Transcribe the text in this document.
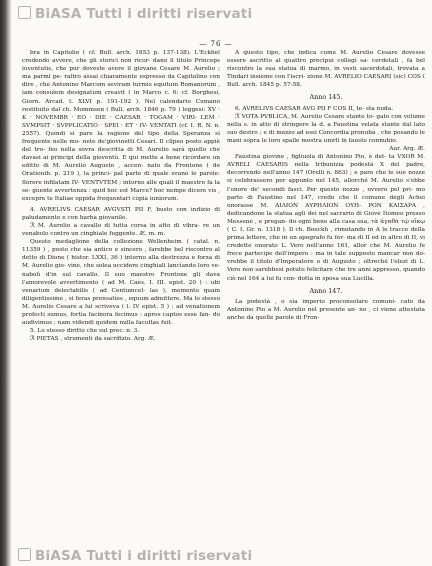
BiASA Tutti i diritti riservati
— 76 —

bra in Capitolio ( cf. Bull. arch. 1853 p. 137-138). L'Eckhel credendo avvere, che gli storici non ricor- dano il titolo Princeps iuventutis, che pur doveste avere il giovane Cesare M. Aurelio ; ma parmi pe- raltro assai chiaramente espresso da Capitolino con dire , che Antonino Marcum seviram turmis equitum Romanorum , iam consulem designatum creavit ( in Marco c. 6: cf. Borghesi, Giorn. Arcad. t. XLVI p. 191-192 ). Nel calendario Cumano restituito dal ch. Mommsen ( Bull. arch. 1846 p. 79 ) leggesi: XV · K · NOVEMBR · EO · DIE · CAESAR · TOGAM · VIRI- LEM · SVMPSIT · SVPPLICATIO · SPEI · ET · IV- VENTATI (cf. I. R. N. n. 2557). Quindi si pare la ragione del tipo della Speranza si frequente nelle mo- nete de'giovinetti Cesari. Il clipeo posto appiè del tro- feo nella sovra descritta di M. Aurelio sarà quello che davasi ai principi della gioventù. E qui mette a bene ricordare un editto di M. Aurelio Augusto , accen- nato da Frontone ( de Orationib. p. 219 ), la princi- pal parte di quale erano le parole: florere infilatam IV- VENTVTEM ; intorno alle quali il maestro fa la se- guente avvertenza : quid hoc est Marce? hoc nempe dicere vis , excepre te Italiae oppida frequentari copia iuniorum.

4. AVRELIVS CAESAR AVGVSTI PII F, busto con indizio di paludamento e con barba giovanile.

ℛ M. Aurelio a cavallo di tutta corsa in atto di vibra- re un venabolo contro un cinghiale fuggente. Æ. m. m.

Questo medaglione della collezione Wellenheim ( catal. n. 11359 ) , posto che sia antico e sincero , farebbe bel riscontro al detto di Dione ( histor. LXXI, 36 ) intorno alla destrezza e forza di M. Aurelio gio- vine, che solea uccidere cinghiali lanciando loro ve- nabolì d'in sul cavallo. Il suo maestro Frontone gli dava l'amorevole avvertimento ( ad M. Caes. I. III. epist. 20 ) : ubi venarium delectabilis ( ad Centumcel- las ), memento quam diligentissime , si feras prensaties , equum admittere. Ma lo stesso M. Aurelio Cesare a lui scriveva ( l. IV epist. 5 ) : ad venationem profecti sumus, fortia facinora fecimus : apros captos esse fan- do audivimus ; nam videndi quidem nulla facultas fuit.

5. Lo stesso diritto che sul prec. n. 3.

ℛ PIETAS , strumenti da sacrifizio. Arg. Æ.

A questo tipo, che indica come M. Aurelio Cesare dovesse essere ascritto al quattro precipui collegi sa- cerdotali , fa bel riscontro la sua statua di marmo, in vesti sacerdotali, trovata a Tindari insieme con l'iscri- zione M. AVRELIO CAESARI (sic) COS ( Bull. arch. 1845 p. 57-58.

Anno 145.

6. AVRELIVS CAESAR AVG PII F COS II, te- sta nuda.

ℛ VOTA PVBLICA, M. Aurelio Cesare stante to- gato con volume nella s. in atto di stringere la d. a Faustina velata stante dal lato suo destro ; e di mezzo ad essi Concordia pronuba , che posando le mani sopra le loro spalle mostra unirli in fausto connubio.

Aur. Arg. Æ.

Faustina giovine , figliuola di Antonino Pio, è det- ta VXOR M. AVRELI CAESARIS nella tribunizia podestà X del padre, decorrendo nell'anno 147 (Orelli n. 863) ; e pare che le sue nozze si celebrassero per appunto nel 145, allorché M. Aurelio s'ebbe l'onore de' secondi fasci. Per questo nozze , ovvero pel pri- mo parto di Faustino nel 147, credo che il comune degli Achei onorasse M. ΑΙΛΙΟΝ ΑΥΡΗΛΙΟΝ ΟΥΗ- ΡΟΝ ΚΑΙΣΑΡΑ , dedicandone la statua agli dei nel sacrario di Giove Itomeo presso Messene , e pregan- do ogni bene alla casa sua, τὰ ἀγαθὰ τῷ οἴκῳ ( C. I. Gr. n. 1318 ). Il ch. Boeckh , rimutando in A le tracce della prima lettere, che in un apografo fu fer- ma di II ed in altro di II, vi credette onorato L. Vero nell'anno 161, allor che M. Aurelio fe frece partecipe dell'impero : ma in tale supposto mancar non do- vrebbe il titolo d'Imperatore o di Augusto ; oltreché l'elezi di L. Vero non sarebbesi potuto felicitare che tre anni appresso, quando ciò nel 164 a lui fu con- dotta in sposa sua Lucilla.

Anno 147.

La podestà , o sia imperio proconsolare comuni- cato da Antonino Pio a M. Aurelio nel presente an- no , ci viene attestata anche da quelle parole di Fron-

BiASA Tutti i diritti riservati
